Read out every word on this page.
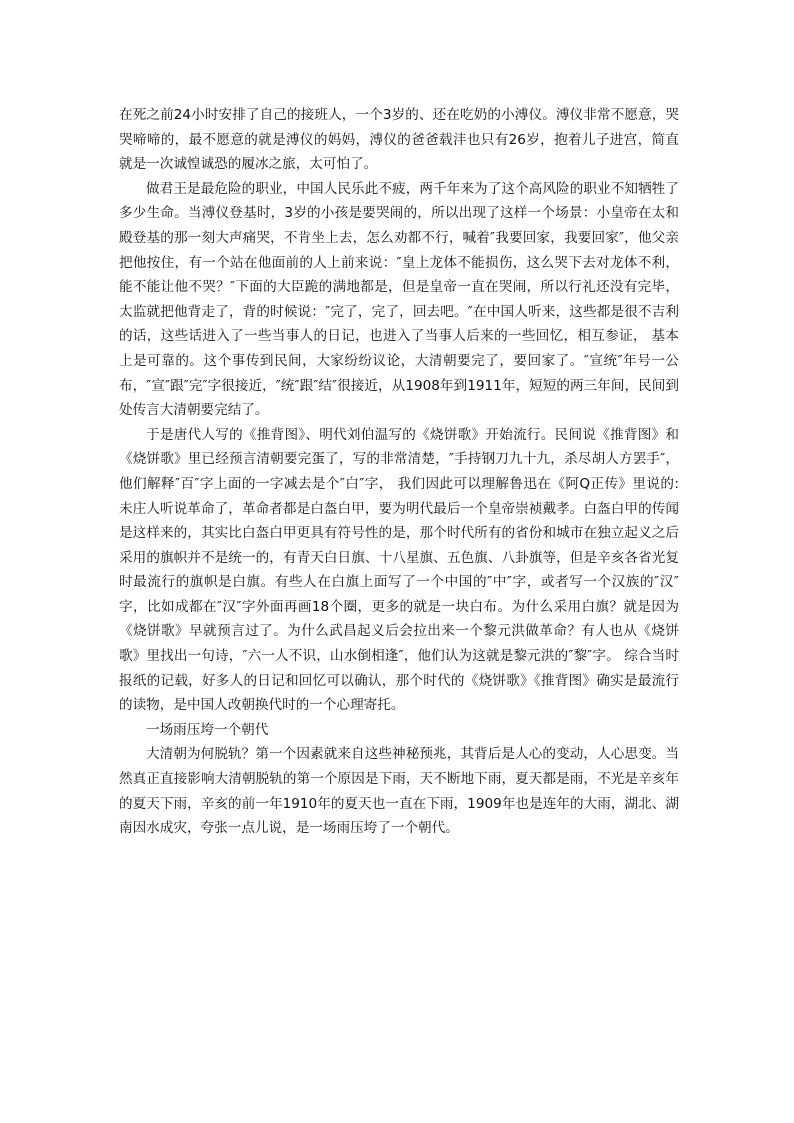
在死之前24小时安排了自己的接班人，一个3岁的、还在吃奶的小溥仪。溥仪非常不愿意，哭哭啼啼的，最不愿意的就是溥仪的妈妈，溥仪的爸爸载沣也只有26岁，抱着儿子进宫，简直就是一次诚惶诚恐的履冰之旅，太可怕了。

做君王是最危险的职业，中国人民乐此不疲，两千年来为了这个高风险的职业不知牺牲了多少生命。当溥仪登基时，3岁的小孩是要哭闹的，所以出现了这样一个场景：小皇帝在太和殿登基的那一刻大声痛哭，不肯坐上去，怎么劝都不行，喊着″我要回家，我要回家″，他父亲把他按住，有一个站在他面前的人上前来说：″皇上龙体不能损伤，这么哭下去对龙体不利，能不能让他不哭？″下面的大臣跪的满地都是，但是皇帝一直在哭闹，所以行礼还没有完毕，太监就把他背走了，背的时候说：″完了，完了，回去吧。″在中国人听来，这些都是很不吉利的话，这些话进入了一些当事人的日记，也进入了当事人后来的一些回忆，相互参证， 基本上是可靠的。这个事传到民间，大家纷纷议论，大清朝要完了，要回家了。″宣统″年号一公布，″宣″跟″完″字很接近，″统″跟″结″很接近，从1908年到1911年，短短的两三年间，民间到处传言大清朝要完结了。

于是唐代人写的《推背图》、明代刘伯温写的《烧饼歌》开始流行。民间说《推背图》和《烧饼歌》里已经预言清朝要完蛋了，写的非常清楚，″手持钢刀九十九，杀尽胡人方罢手″，他们解释″百″字上面的一字减去是个″白″字， 我们因此可以理解鲁迅在《阿Q正传》里说的: 未庄人听说革命了，革命者都是白盔白甲，要为明代最后一个皇帝崇祯戴孝。白盔白甲的传闻是这样来的，其实比白盔白甲更具有符号性的是，那个时代所有的省份和城市在独立起义之后采用的旗帜并不是统一的，有青天白日旗、十八星旗、五色旗、八卦旗等，但是辛亥各省光复时最流行的旗帜是白旗。有些人在白旗上面写了一个中国的″中″字，或者写一个汉族的″汉″字，比如成都在″汉″字外面再画18个圈，更多的就是一块白布。为什么采用白旗？就是因为《烧饼歌》早就预言过了。为什么武昌起义后会拉出来一个黎元洪做革命？有人也从《烧饼歌》里找出一句诗，″六一人不识，山水倒相逢″，他们认为这就是黎元洪的″黎″字。 综合当时报纸的记载，好多人的日记和回忆可以确认，那个时代的《烧饼歌》《推背图》确实是最流行的读物，是中国人改朝换代时的一个心理寄托。

一场雨压垮一个朝代

大清朝为何脱轨？第一个因素就来自这些神秘预兆，其背后是人心的变动，人心思变。当然真正直接影响大清朝脱轨的第一个原因是下雨，天不断地下雨，夏天都是雨，不光是辛亥年的夏天下雨，辛亥的前一年1910年的夏天也一直在下雨，1909年也是连年的大雨，湖北、湖南因水成灾，夸张一点儿说，是一场雨压垮了一个朝代。
